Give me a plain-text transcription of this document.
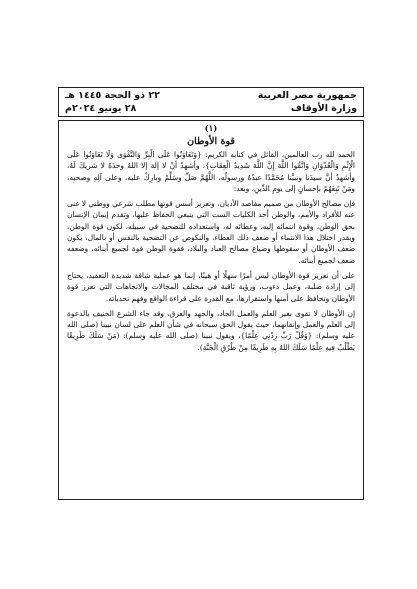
جمهورية مصر العربية
وزارة الأوقاف
٢٢ ذو الحجة ١٤٤٥ هـ
٢٨ يونيو ٢٠٢٤م

(١)

قوة الأوطان

الحمد لله رب العالمين، القائل في كتابه الكريم: {وَتَعَاوَنُوا عَلَى الْبِرِّ وَالتَّقْوَى وَلَا تَعَاوَنُوا عَلَى الْإِثْمِ وَالْعُدْوَانِ وَاتَّقُوا اللَّهَ إِنَّ اللَّهَ شَدِيدُ الْعِقَابِ}، وأشهدُ أنْ لا إلهَ إلا اللهُ وحدَهُ لا شريكَ لَهُ، وأشهدُ أنَّ سيدَنا ونبيَّنا مُحَمَّدًا عبدُهُ ورسولُه، اللَّهُمَّ صَلِّ وسَلِّمْ وبارِكْ عليه، وعلى آلِهِ وصحبِه، ومَنْ تَبِعَهُمْ بإحسانٍ إلى يومِ الدِّينِ، وبعد:

فإن مصالح الأوطان من صميم مقاصد الأديان، وتعزيز أسس قوتها مطلب شرعي ووطني لا غنى عنه للأفراد والأمم، والوطن أحد الكليات الست التي ينبغي الحفاظ عليها، وتقدم إيمان الإنسان بحق الوطن، وقوة انتمائه إليه، وعطائه له، واستعداده للتضحية في سبيله، لكون قوة الوطن، وبقدر اختلال هذا الانتماء أو ضعف ذلك العطاء، والنكوص عن التضحية بالنفس أو بالمال، يكون ضعف الأوطان أو سقوطها وضياع مصالح العباد والبلاد، فقوة الوطن قوة لجميع أبنائه، وضعفه ضعف لجميع أبنائه.

على أن تعزيز قوة الأوطان ليس أمرًا سهلًا أو هينًا، إنما هو عملية شاقة شديدة التعقيد، يحتاج إلى إرادة صلبة، وعمل دءوب، ورؤية ثاقبة في مختلف المجالات والاتجاهات التي تعزز قوة الأوطان وتحافظ على أمنها واستقرارها، مع القدرة على قراءة الواقع وفهم تحدياته.

إن الأوطان لا تقوى بغير العلم والعمل الجاد، والجهد والعرق، وقد جاء الشرع الحنيف بالدعوة إلى العلم والعمل وإتقانهما، حيث يقول الحق سبحانه في شأن العلم على لسان نبينا (صلى الله عليه وسلم): {وَقُلْ رَبِّ زِدْنِي عِلْمًا}، ويقول نبينا (صلى الله عليه وسلم): (مَنْ سَلَكَ طَرِيقًا يَطْلُبُ فِيهِ عِلْمًا سَلَكَ اللهُ بِهِ طَرِيقًا مِنْ طُرُقِ الْجَنَّةِ).
